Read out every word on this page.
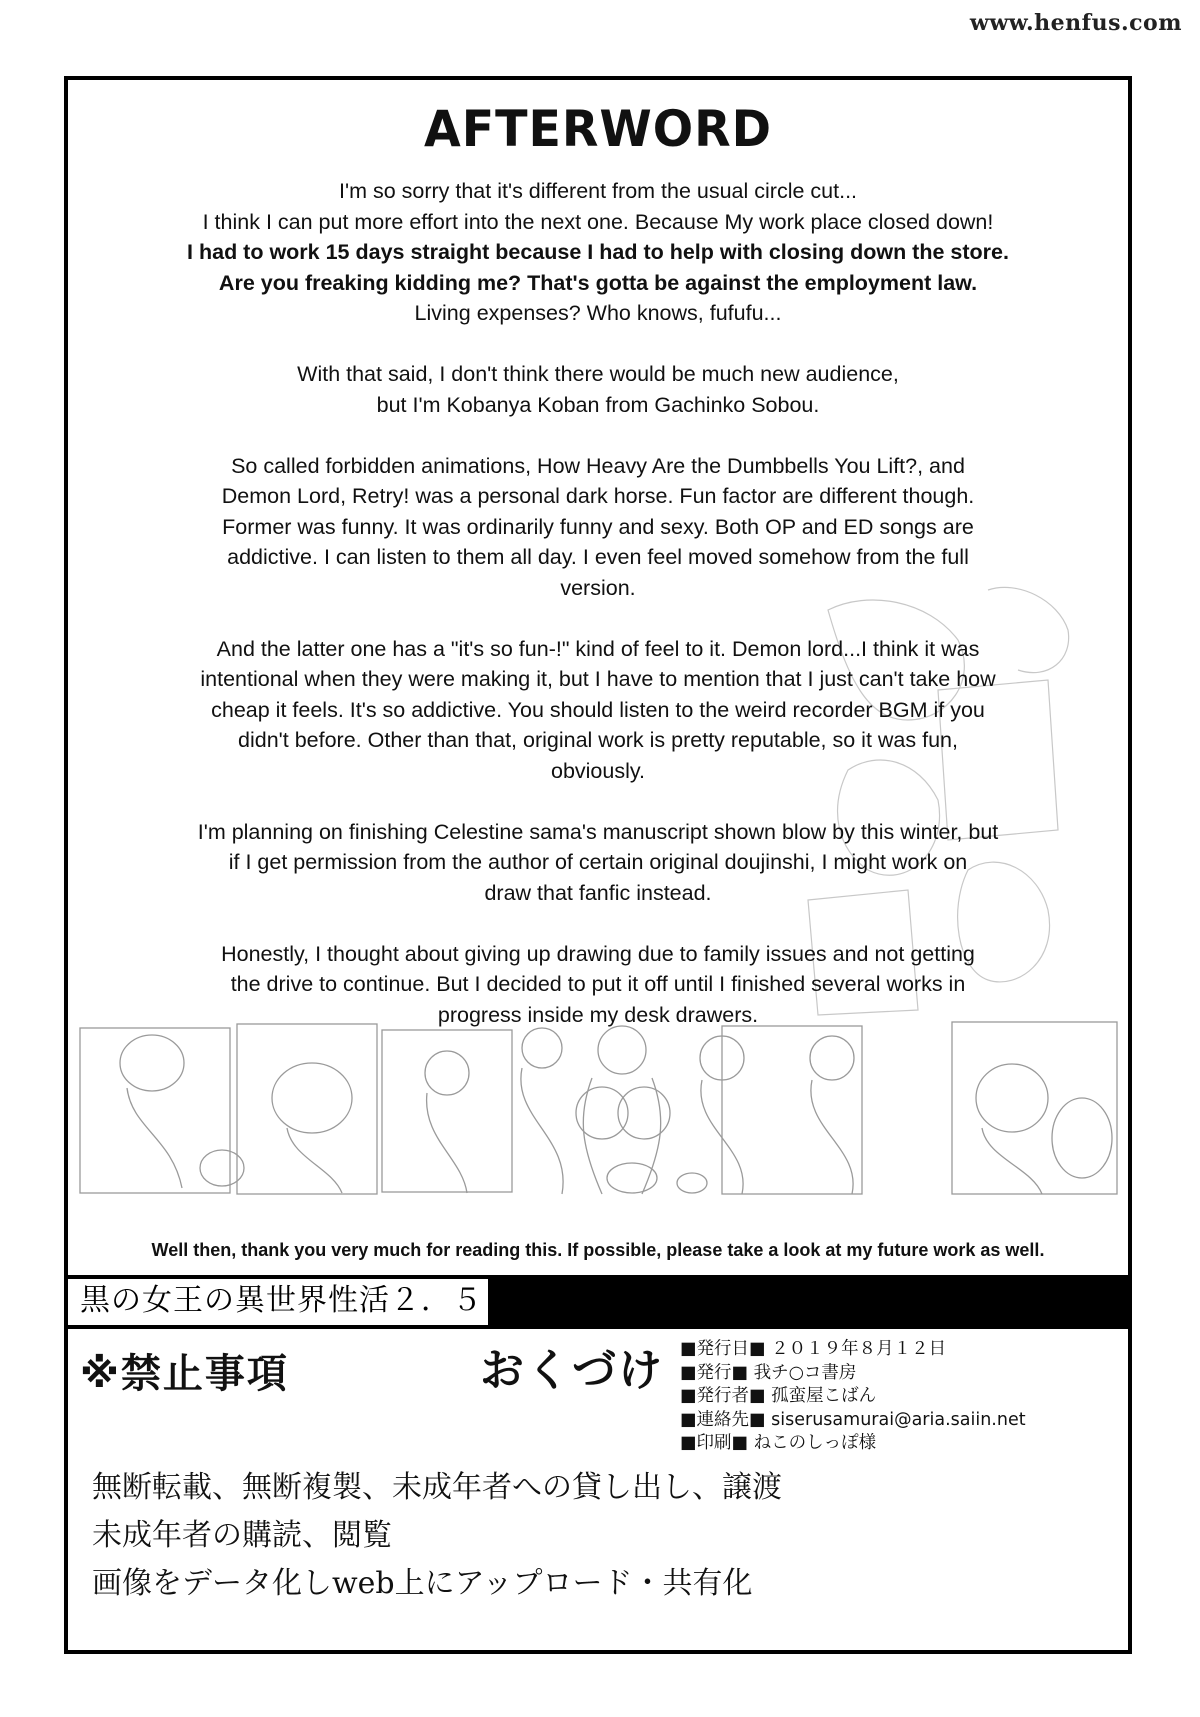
www.henfus.com
AFTERWORD
I'm so sorry that it's different from the usual circle cut...
I think I can put more effort into the next one. Because My work place closed down!
I had to work 15 days straight because I had to help with closing down the store.
Are you freaking kidding me? That's gotta be against the employment law.
Living expenses? Who knows, fufufu...
With that said, I don't think there would be much new audience,
but I'm Kobanya Koban from Gachinko Sobou.
So called forbidden animations, How Heavy Are the Dumbbells You Lift?, and
Demon Lord, Retry! was a personal dark horse. Fun factor are different though.
Former was funny. It was ordinarily funny and sexy. Both OP and ED songs are
addictive. I can listen to them all day. I even feel moved somehow from the full
version.
And the latter one has a "it's so fun-!" kind of feel to it. Demon lord...I think it was
intentional when they were making it, but I have to mention that I just can't take how
cheap it feels. It's so addictive. You should listen to the weird recorder BGM if you
didn't before. Other than that, original work is pretty reputable, so it was fun,
obviously.
I'm planning on finishing Celestine sama's manuscript shown blow by this winter, but
if I get permission from the author of certain original doujinshi, I might work on
draw that fanfic instead.
Honestly, I thought about giving up drawing due to family issues and not getting
the drive to continue. But I decided to put it off until I finished several works in
progress inside my desk drawers.
Well then, thank you very much for reading this. If possible, please take a look at my future work as well.
黒の女王の異世界性活２．５
※禁止事項	おくづけ ■発行日■ ２０１９年８月１２日
■発行■ 我チ○コ書房
■発行者■ 孤蛮屋こばん
■連絡先■ siserusamurai@aria.saiin.net
■印刷■ ねこのしっぽ様
無断転載、無断複製、未成年者への貸し出し、譲渡
未成年者の購読、閲覧
画像をデータ化しweb上にアップロード・共有化
